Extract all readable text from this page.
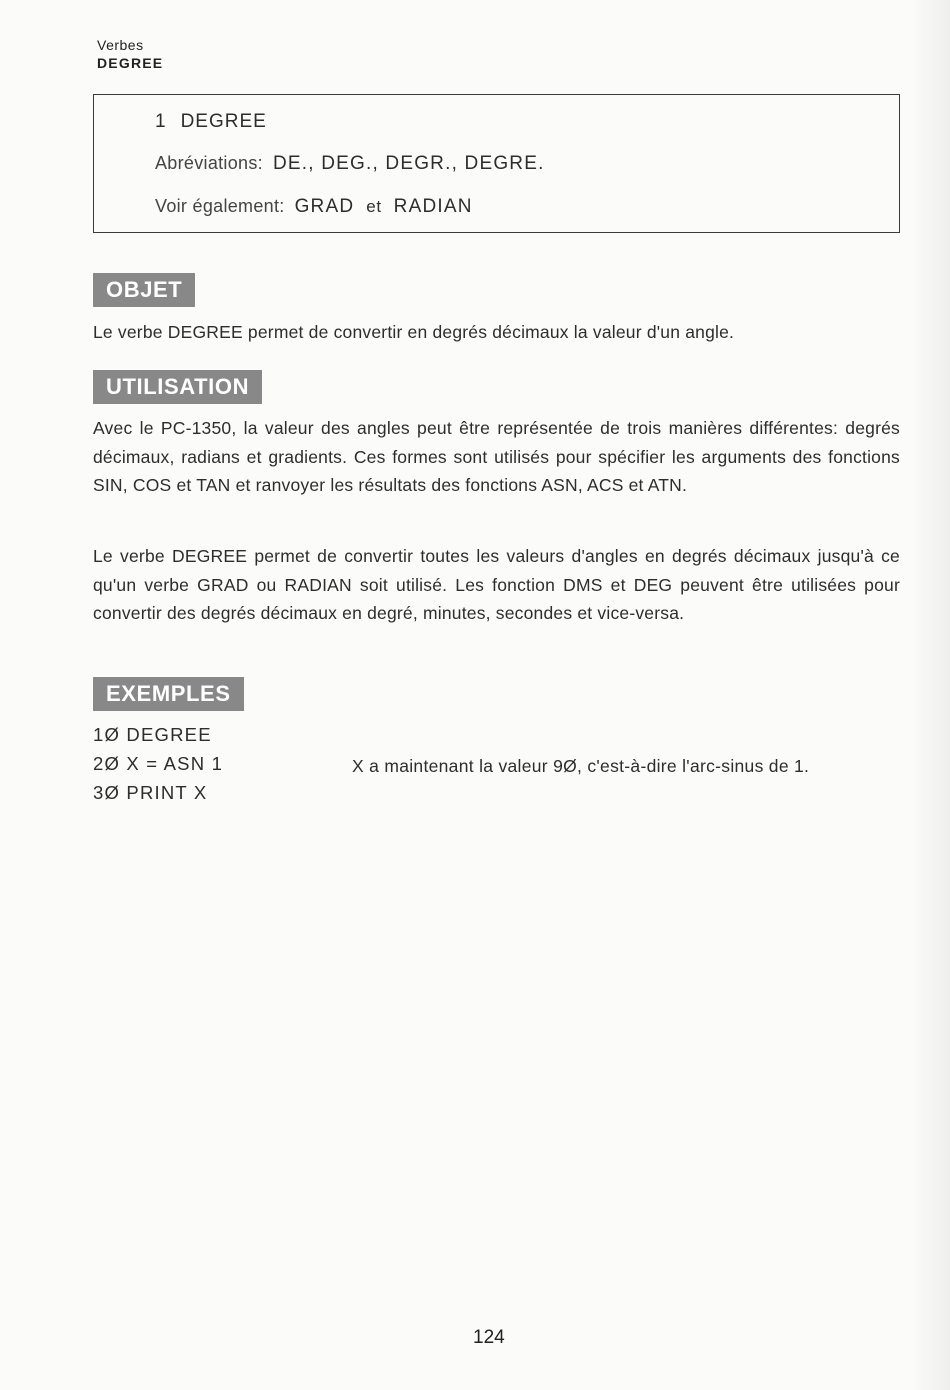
Verbes
DEGREE
1 DEGREE
Abréviations: DE., DEG., DEGR., DEGRE.
Voir également: GRAD et RADIAN
OBJET

Le verbe DEGREE permet de convertir en degrés décimaux la valeur d'un angle.

UTILISATION

Avec le PC-1350, la valeur des angles peut être représentée de trois manières différentes: degrés décimaux, radians et gradients. Ces formes sont utilisés pour spécifier les arguments des fonctions SIN, COS et TAN et ranvoyer les résultats des fonctions ASN, ACS et ATN.

Le verbe DEGREE permet de convertir toutes les valeurs d'angles en degrés décimaux jusqu'à ce qu'un verbe GRAD ou RADIAN soit utilisé. Les fonction DMS et DEG peuvent être utilisées pour convertir des degrés décimaux en degré, minutes, secondes et vice-versa.

EXEMPLES
1Ø DEGREE
2Ø X = ASN 1	X a maintenant la valeur 9Ø, c'est-à-dire l'arc-sinus de 1.
3Ø PRINT X
124
